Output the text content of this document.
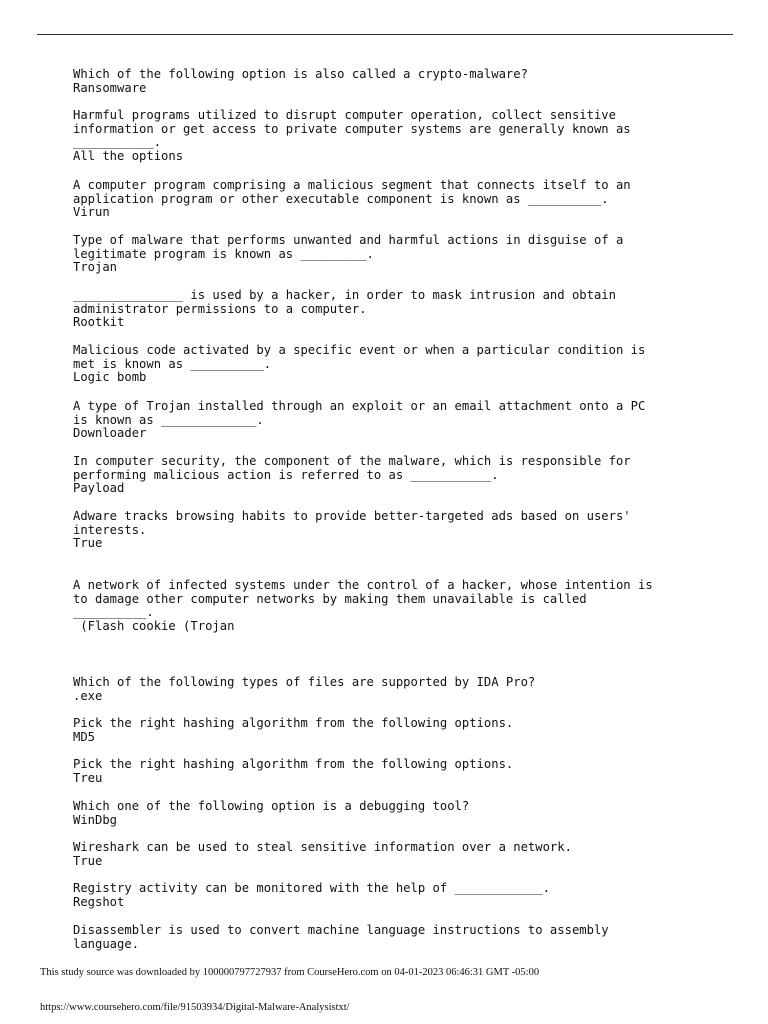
Which of the following option is also called a crypto-malware?
Ransomware
Harmful programs utilized to disrupt computer operation, collect sensitive
information or get access to private computer systems are generally known as
___________.
All the options
A computer program comprising a malicious segment that connects itself to an
application program or other executable component is known as __________.
Virun
Type of malware that performs unwanted and harmful actions in disguise of a
legitimate program is known as _________.
Trojan
_______________ is used by a hacker, in order to mask intrusion and obtain
administrator permissions to a computer.
Rootkit
Malicious code activated by a specific event or when a particular condition is
met is known as __________.
Logic bomb
A type of Trojan installed through an exploit or an email attachment onto a PC
is known as _____________.
Downloader
In computer security, the component of the malware, which is responsible for
performing malicious action is referred to as ___________.
Payload
Adware tracks browsing habits to provide better-targeted ads based on users'
interests.
True
A network of infected systems under the control of a hacker, whose intention is
to damage other computer networks by making them unavailable is called
__________.
(Flash cookie (Trojan
Which of the following types of files are supported by IDA Pro?
.exe
Pick the right hashing algorithm from the following options.
MD5
Pick the right hashing algorithm from the following options.
Treu
Which one of the following option is a debugging tool?
WinDbg
Wireshark can be used to steal sensitive information over a network.
True
Registry activity can be monitored with the help of ____________.
Regshot
Disassembler is used to convert machine language instructions to assembly
language.
This study source was downloaded by 100000797727937 from CourseHero.com on 04-01-2023 06:46:31 GMT -05:00
https://www.coursehero.com/file/91503934/Digital-Malware-Analysistxt/
